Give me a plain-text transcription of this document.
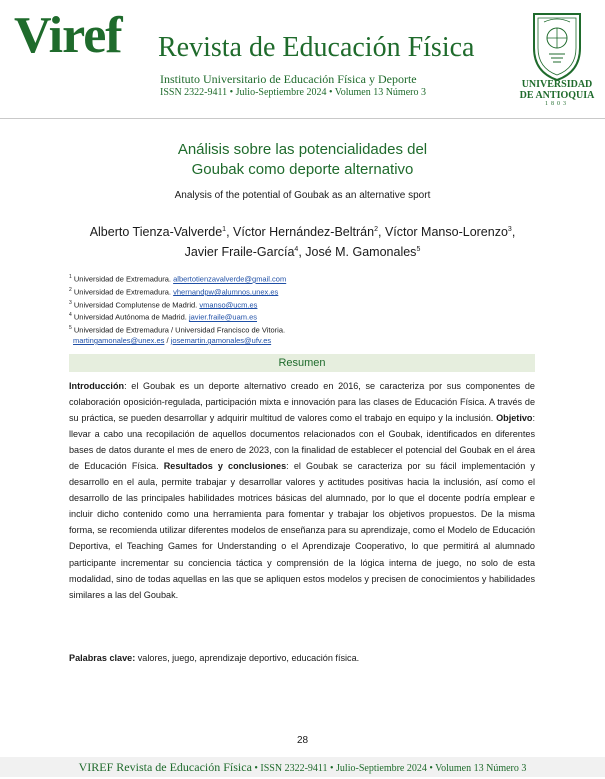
Viref Revista de Educación Física
Instituto Universitario de Educación Física y Deporte
ISSN 2322-9411 • Julio-Septiembre 2024 • Volumen 13 Número 3
UNIVERSIDAD
DE ANTIOQUIA
1803
Análisis sobre las potencialidades del
Goubak como deporte alternativo
Analysis of the potential of Goubak as an alternative sport
Alberto Tienza-Valverde$^1$, Víctor Hernández-Beltrán$^2$, Víctor Manso-Lorenzo$^3$,
Javier Fraile-García$^4$, José M. Gamonales$^5$
$^1$ Universidad de Extremadura. albertotienzavalverde@gmail.com
$^2$ Universidad de Extremadura. vhernandpw@alumnos.unex.es
$^3$ Universidad Complutense de Madrid. vmanso@ucm.es
$^4$ Universidad Autónoma de Madrid. javier.fraile@uam.es
$^5$ Universidad de Extremadura / Universidad Francisco de Vitoria.
martingamonales@unex.es / josemartin.gamonales@ufv.es
Resumen
Introducción: el Goubak es un deporte alternativo creado en 2016, se caracteriza por sus componentes de colaboración oposición-regulada, participación mixta e innovación para las clases de Educación Física. A través de su práctica, se pueden desarrollar y adquirir multitud de valores como el trabajo en equipo y la inclusión. Objetivo: llevar a cabo una recopilación de aquellos documentos relacionados con el Goubak, identificados en diferentes bases de datos durante el mes de enero de 2023, con la finalidad de establecer el potencial del Goubak en el área de Educación Física. Resultados y conclusiones: el Goubak se caracteriza por su fácil implementación y desarrollo en el aula, permite trabajar y desarrollar valores y actitudes positivas hacia la inclusión, así como el desarrollo de las principales habilidades motrices básicas del alumnado, por lo que el docente podría emplear e incluir dicho contenido como una herramienta para fomentar y trabajar los objetivos propuestos. De la misma forma, se recomienda utilizar diferentes modelos de enseñanza para su aprendizaje, como el Modelo de Educación Deportiva, el Teaching Games for Understanding o el Aprendizaje Cooperativo, lo que permitirá al alumnado participante incrementar su conciencia táctica y comprensión de la lógica interna de juego, no solo de esta modalidad, sino de todas aquellas en las que se apliquen estos modelos y precisen de conocimientos y habilidades similares a las del Goubak.
Palabras clave: valores, juego, aprendizaje deportivo, educación física.
28
VIREF Revista de Educación Física • ISSN 2322-9411 • Julio-Septiembre 2024 • Volumen 13 Número 3
